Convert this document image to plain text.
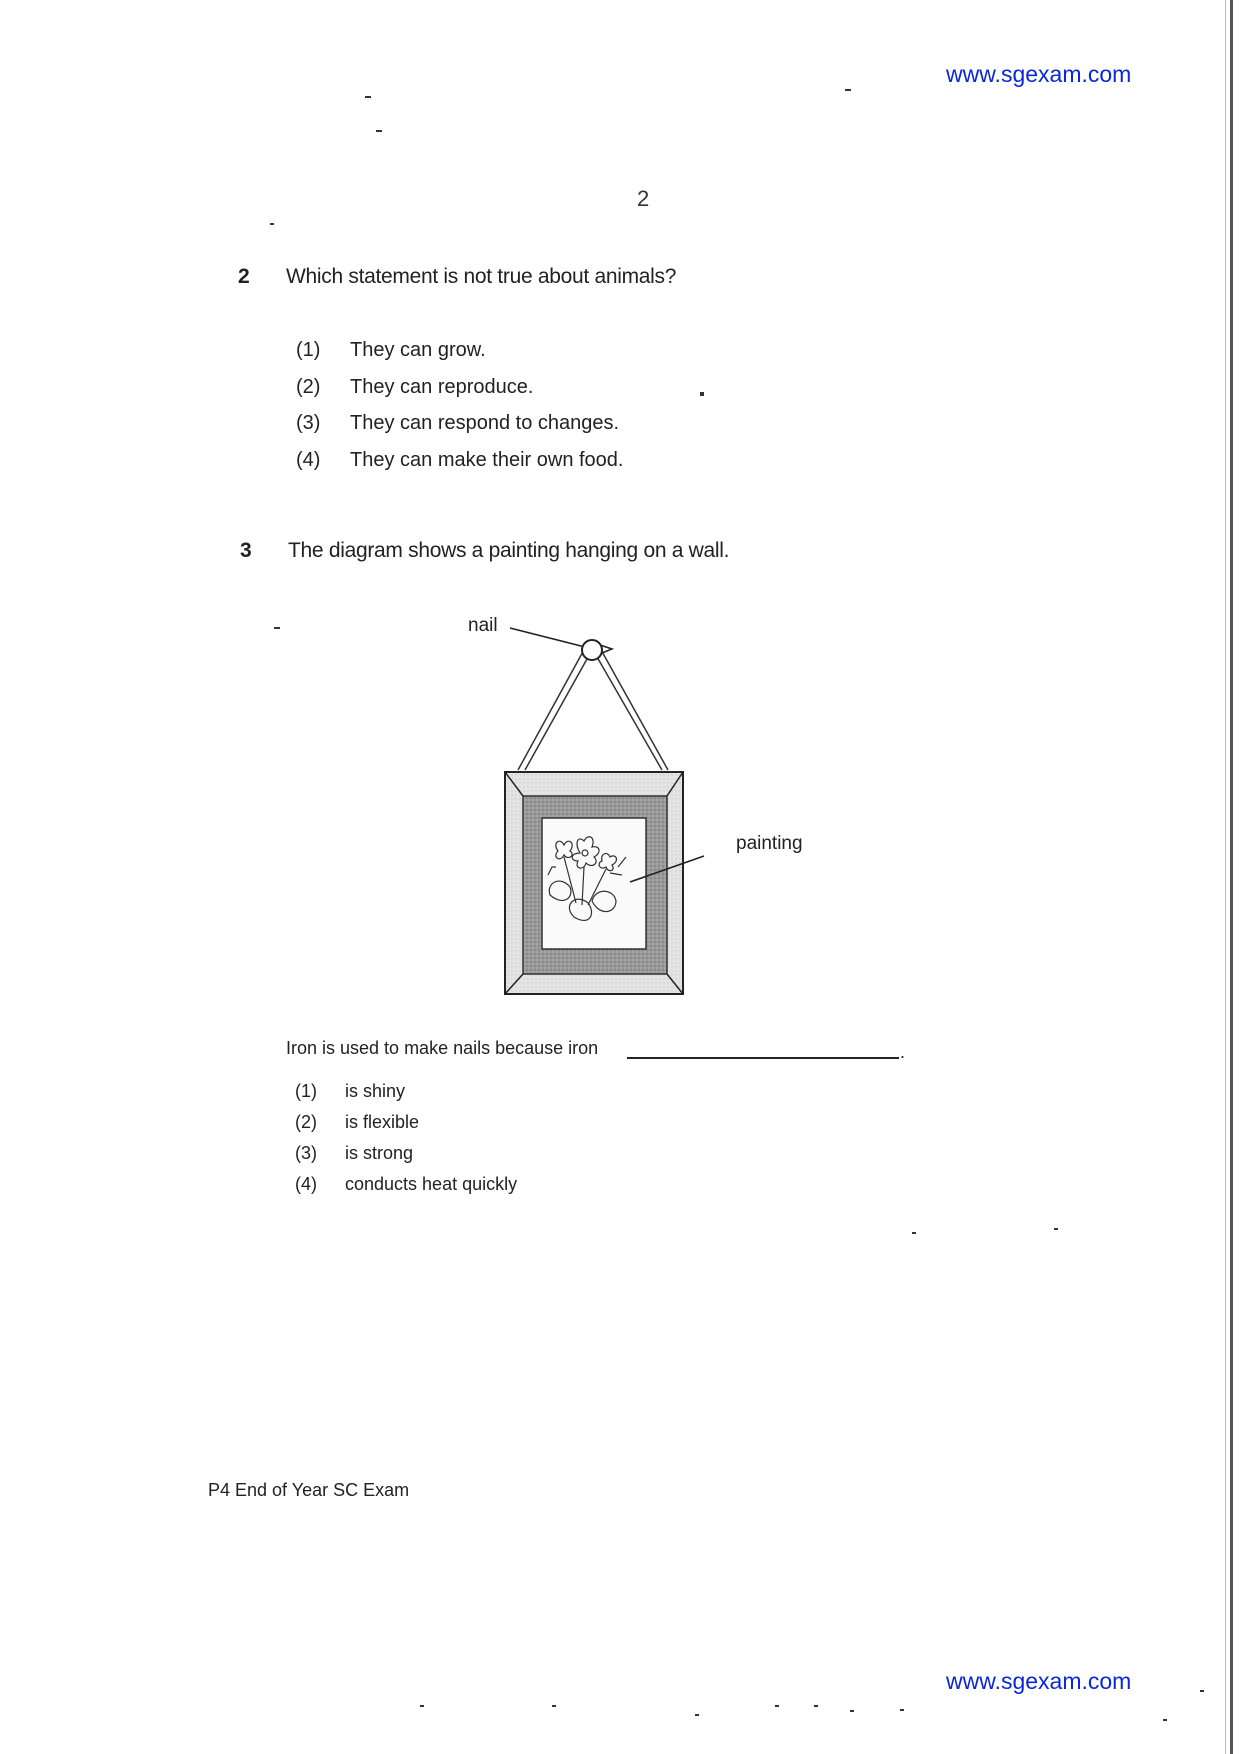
www.sgexam.com
2
2 Which statement is not true about animals?
(1) They can grow.
(2) They can reproduce.
(3) They can respond to changes.
(4) They can make their own food.
3 The diagram shows a painting hanging on a wall.
nail
painting
Iron is used to make nails because iron	.
(1) is shiny
(2) is flexible
(3) is strong
(4) conducts heat quickly
P4 End of Year SC Exam
www.sgexam.com
